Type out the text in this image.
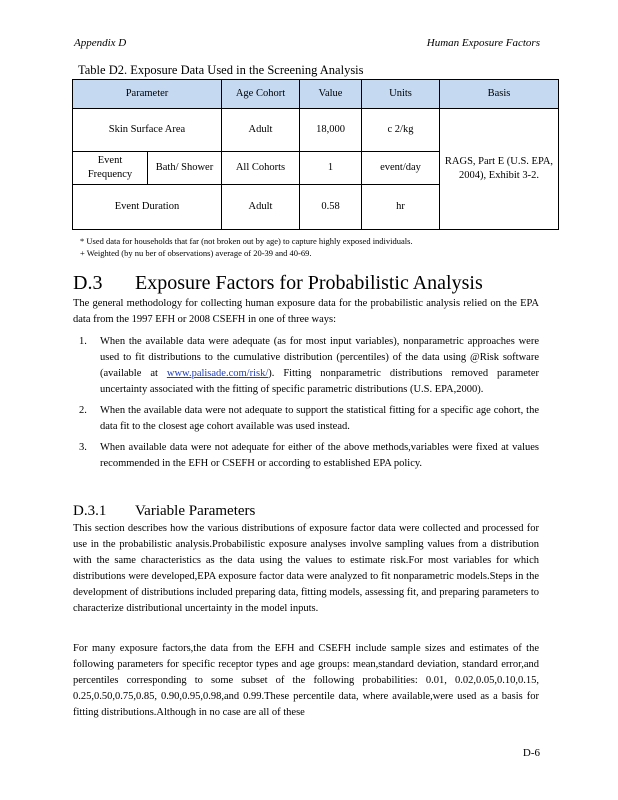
Appendix D	Human Exposure Factors
Table D2. Exposure Data Used in the Screening Analysis
Parameter		Age Cohort	Value	Units	Basis
Skin Surface Area		Adult	18,000	c 2/kg	RAGS, Part E (U.S. EPA, 2004), Exhibit 3-2.
Event Frequency	Bath/ Shower	All Cohorts	1	event/day	
Event Duration		Adult	0.58	hr	
* Used data for households that far (not broken out by age) to capture highly exposed individuals.
+ Weighted (by nu ber of observations) average of 20-39 and 40-69.
D.3 Exposure Factors for Probabilistic Analysis
The general methodology for collecting human exposure data for the probabilistic analysis relied on the EPA data from the 1997 EFH or 2008 CSEFH in one of three ways:
1. When the available data were adequate (as for most input variables), nonparametric approaches were used to fit distributions to the cumulative distribution (percentiles) of the data using @Risk software (available at www.palisade.com/risk/). Fitting nonparametric distributions removed parameter uncertainty associated with the fitting of specific parametric distributions (U.S. EPA,2000).
2. When the available data were not adequate to support the statistical fitting for a specific age cohort, the data fit to the closest age cohort available was used instead.
3. When available data were not adequate for either of the above methods,variables were fixed at values recommended in the EFH or CSEFH or according to established EPA policy.
D.3.1 Variable Parameters
This section describes how the various distributions of exposure factor data were collected and processed for use in the probabilistic analysis.Probabilistic exposure analyses involve sampling values from a distribution with the same characteristics as the data using the values to estimate risk.For most variables for which distributions were developed,EPA exposure factor data were analyzed to fit nonparametric models.Steps in the development of distributions included preparing data, fitting models, assessing fit, and preparing parameters to characterize distributional uncertainty in the model inputs.
For many exposure factors,the data from the EFH and CSEFH include sample sizes and estimates of the following parameters for specific receptor types and age groups: mean,standard deviation, standard error,and percentiles corresponding to some subset of the following probabilities: 0.01, 0.02,0.05,0.10,0.15, 0.25,0.50,0.75,0.85, 0.90,0.95,0.98,and 0.99.These percentile data, where available,were used as a basis for fitting distributions.Although in no case are all of these
D-6
